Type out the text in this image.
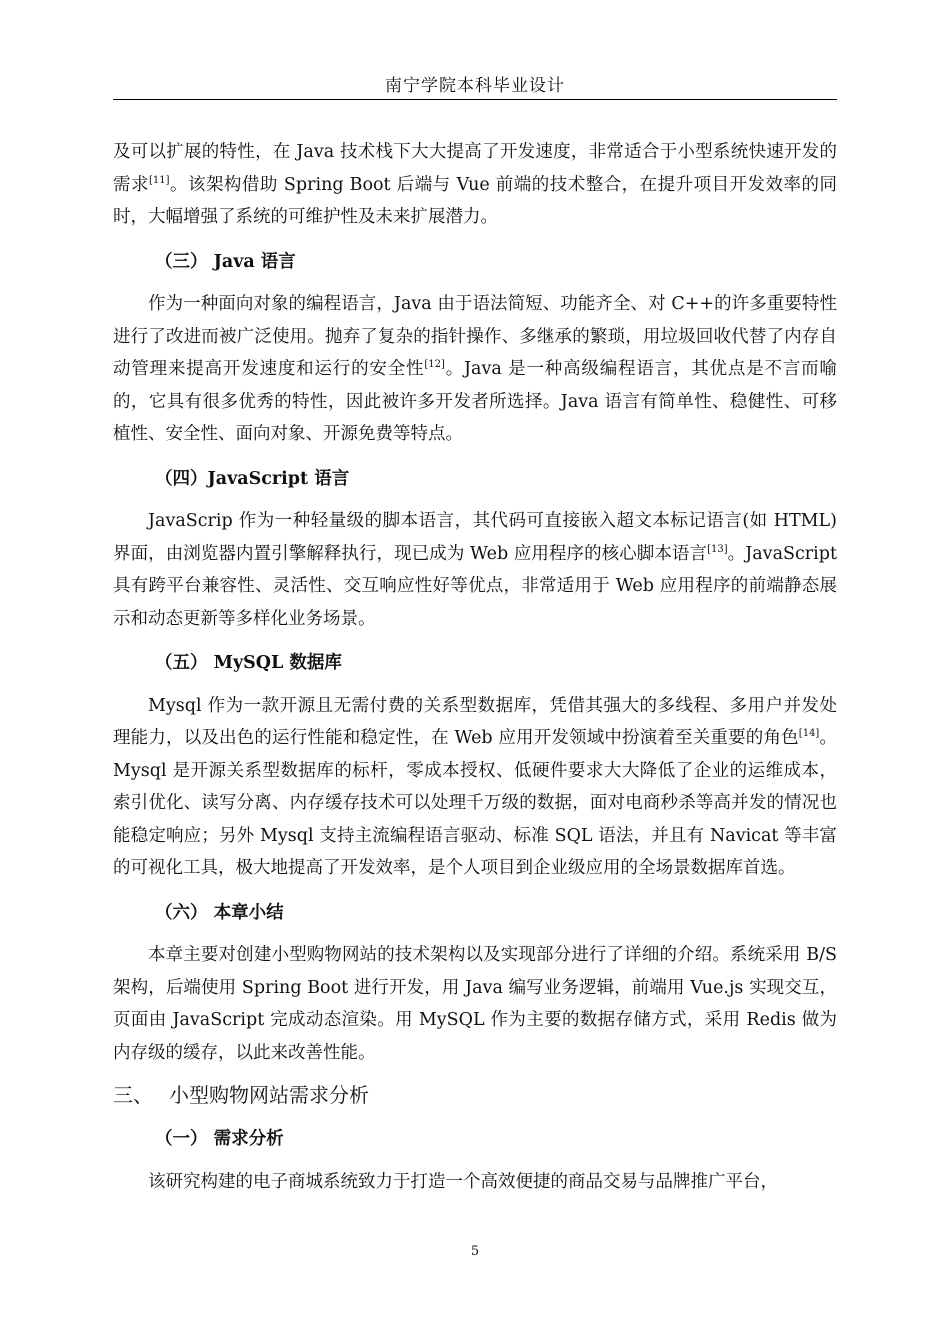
南宁学院本科毕业设计

及可以扩展的特性，在 Java 技术栈下大大提高了开发速度，非常适合于小型系统快速开发的需求[11]。该架构借助 Spring Boot 后端与 Vue 前端的技术整合，在提升项目开发效率的同时，大幅增强了系统的可维护性及未来扩展潜力。

（三） Java 语言

作为一种面向对象的编程语言，Java 由于语法简短、功能齐全、对 C++的许多重要特性进行了改进而被广泛使用。抛弃了复杂的指针操作、多继承的繁琐，用垃圾回收代替了内存自动管理来提高开发速度和运行的安全性[12]。Java 是一种高级编程语言，其优点是不言而喻的，它具有很多优秀的特性，因此被许多开发者所选择。Java 语言有简单性、稳健性、可移植性、安全性、面向对象、开源免费等特点。

（四）JavaScript 语言

JavaScrip 作为一种轻量级的脚本语言，其代码可直接嵌入超文本标记语言(如 HTML)界面，由浏览器内置引擎解释执行，现已成为 Web 应用程序的核心脚本语言[13]。JavaScript 具有跨平台兼容性、灵活性、交互响应性好等优点，非常适用于 Web 应用程序的前端静态展示和动态更新等多样化业务场景。

（五） MySQL 数据库

Mysql 作为一款开源且无需付费的关系型数据库，凭借其强大的多线程、多用户并发处理能力，以及出色的运行性能和稳定性，在 Web 应用开发领域中扮演着至关重要的角色[14]。Mysql 是开源关系型数据库的标杆，零成本授权、低硬件要求大大降低了企业的运维成本，索引优化、读写分离、内存缓存技术可以处理千万级的数据，面对电商秒杀等高并发的情况也能稳定响应；另外 Mysql 支持主流编程语言驱动、标准 SQL 语法，并且有 Navicat 等丰富的可视化工具，极大地提高了开发效率，是个人项目到企业级应用的全场景数据库首选。

（六） 本章小结

本章主要对创建小型购物网站的技术架构以及实现部分进行了详细的介绍。系统采用 B/S 架构，后端使用 Spring Boot 进行开发，用 Java 编写业务逻辑，前端用 Vue.js 实现交互，页面由 JavaScript 完成动态渲染。用 MySQL 作为主要的数据存储方式，采用 Redis 做为内存级的缓存，以此来改善性能。

三、 小型购物网站需求分析
（一） 需求分析

该研究构建的电子商城系统致力于打造一个高效便捷的商品交易与品牌推广平台，

5
